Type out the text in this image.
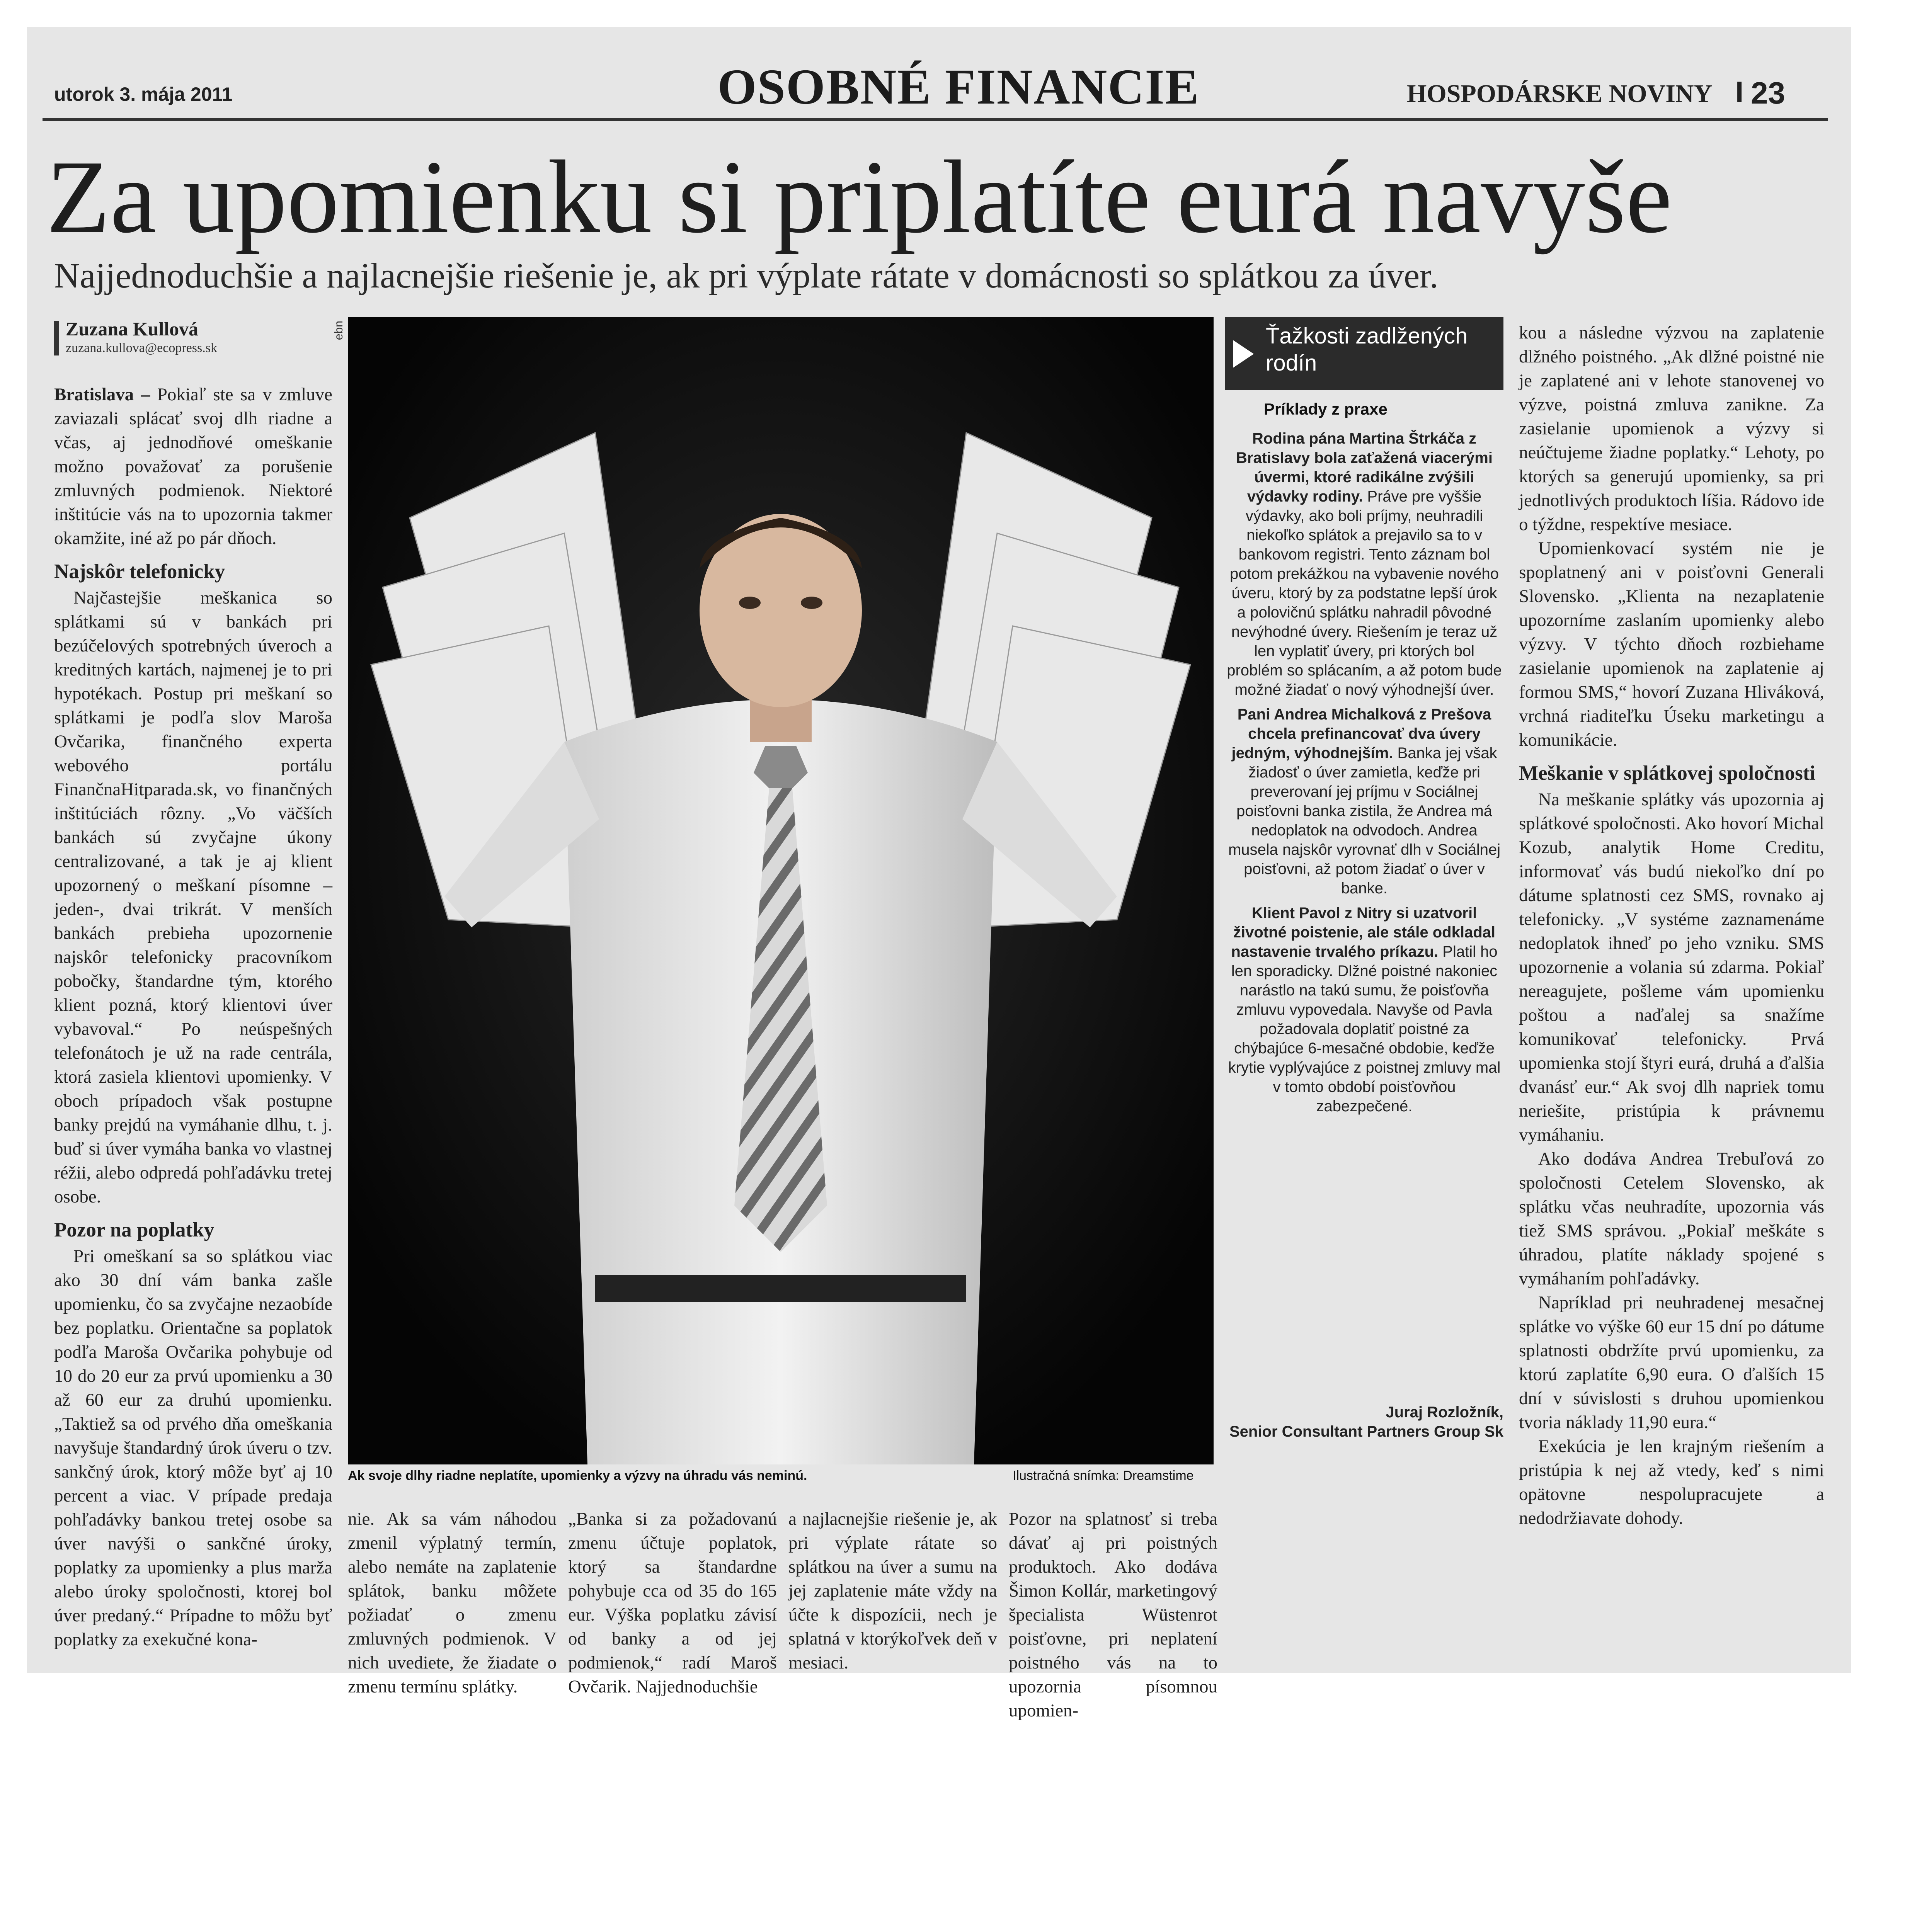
utorok 3. mája 2011	OSOBNÉ FINANCIE	HOSPODÁRSKE NOVINY I 23
Za upomienku si priplatíte eurá navyše
Najjednoduchšie a najlacnejšie riešenie je, ak pri výplate rátate v domácnosti so splátkou za úver.
Zuzana Kullová
zuzana.kullova@ecopress.sk
ebn

Bratislava – Pokiaľ ste sa v zmluve zaviazali splácať svoj dlh riadne a včas, aj jednodňové omeškanie možno považovať za porušenie zmluvných podmienok. Niektoré inštitúcie vás na to upozornia takmer okamžite, iné až po pár dňoch.

Najskôr telefonicky

Najčastejšie meškanica so splátkami sú v bankách pri bezúčelových spotrebných úveroch a kreditných kartách, najmenej je to pri hypotékach. Postup pri meškaní so splátkami je podľa slov Maroša Ovčarika, finančného experta webového portálu FinančnaHitparada.sk, vo finančných inštitúciách rôzny. „Vo väčších bankách sú zvyčajne úkony centralizované, a tak je aj klient upozornený o meškaní písomne – jeden-, dvai trikrát. V menších bankách prebieha upozornenie najskôr telefonicky pracovníkom pobočky, štandardne tým, ktorého klient pozná, ktorý klientovi úver vybavoval.“ Po neúspešných telefonátoch je už na rade centrála, ktorá zasiela klientovi upomienky. V oboch prípadoch však postupne banky prejdú na vymáhanie dlhu, t. j. buď si úver vymáha banka vo vlastnej réžii, alebo odpredá pohľadávku tretej osobe.

Pozor na poplatky

Pri omeškaní sa so splátkou viac ako 30 dní vám banka zašle upomienku, čo sa zvyčajne nezaobíde bez poplatku. Orientačne sa poplatok podľa Maroša Ovčarika pohybuje od 10 do 20 eur za prvú upomienku a 30 až 60 eur za druhú upomienku. „Taktiež sa od prvého dňa omeškania navyšuje štandardný úrok úveru o tzv. sankčný úrok, ktorý môže byť aj 10 percent a viac. V prípade predaja pohľadávky bankou tretej osobe sa úver navýši o sankčné úroky, poplatky za upomienky a plus marža alebo úroky spoločnosti, ktorej bol úver predaný.“ Prípadne to môžu byť poplatky za exekučné kona-

Ak svoje dlhy riadne neplatíte, upomienky a výzvy na úhradu vás neminú.	Ilustračná snímka: Dreamstime

nie. Ak sa vám náhodou zmenil výplatný termín, alebo nemáte na zaplatenie splátok, banku môžete požiadať o zmenu zmluvných podmienok. V nich uvediete, že žiadate o zmenu termínu splátky.

„Banka si za požadovanú zmenu účtuje poplatok, ktorý sa štandardne pohybuje cca od 35 do 165 eur. Výška poplatku závisí od banky a od jej podmienok,“ radí Maroš Ovčarik. Najjednoduchšie

a najlacnejšie riešenie je, ak pri výplate rátate so splátkou na úver a sumu na jej zaplatenie máte vždy na účte k dispozícii, nech je splatná v ktorýkoľvek deň v mesiaci.

Pozor na splatnosť si treba dávať aj pri poistných produktoch. Ako dodáva Šimon Kollár, marketingový špecialista Wüstenrot poisťovne, pri neplatení poistného vás na to upozornia písomnou upomien-

Ťažkosti zadlžených rodín
Príklady z praxe

Rodina pána Martina Štrkáča z Bratislavy bola zaťažená viacerými úvermi, ktoré radikálne zvýšili výdavky rodiny. Práve pre vyššie výdavky, ako boli príjmy, neuhradili niekoľko splátok a prejavilo sa to v bankovom registri. Tento záznam bol potom prekážkou na vybavenie nového úveru, ktorý by za podstatne lepší úrok a polovičnú splátku nahradil pôvodné nevýhodné úvery. Riešením je teraz už len vyplatiť úvery, pri ktorých bol problém so splácaním, a až potom bude možné žiadať o nový výhodnejší úver.

Pani Andrea Michalková z Prešova chcela prefinancovať dva úvery jedným, výhodnejším. Banka jej však žiadosť o úver zamietla, keďže pri preverovaní jej príjmu v Sociálnej poisťovni banka zistila, že Andrea má nedoplatok na odvodoch. Andrea musela najskôr vyrovnať dlh v Sociálnej poisťovni, až potom žiadať o úver v banke.

Klient Pavol z Nitry si uzatvoril životné poistenie, ale stále odkladal nastavenie trvalého príkazu. Platil ho len sporadicky. Dlžné poistné nakoniec narástlo na takú sumu, že poisťovňa zmluvu vypovedala. Navyše od Pavla požadovala doplatiť poistné za chýbajúce 6-mesačné obdobie, keďže krytie vyplývajúce z poistnej zmluvy mal v tomto období poisťovňou zabezpečené.

Juraj Rozložník,
Senior Consultant Partners Group Sk

kou a následne výzvou na zaplatenie dlžného poistného. „Ak dlžné poistné nie je zaplatené ani v lehote stanovenej vo výzve, poistná zmluva zanikne. Za zasielanie upomienok a výzvy si neúčtujeme žiadne poplatky.“ Lehoty, po ktorých sa generujú upomienky, sa pri jednotlivých produktoch líšia. Rádovo ide o týždne, respektíve mesiace.

Upomienkovací systém nie je spoplatnený ani v poisťovni Generali Slovensko. „Klienta na nezaplatenie upozorníme zaslaním upomienky alebo výzvy. V týchto dňoch rozbiehame zasielanie upomienok na zaplatenie aj formou SMS,“ hovorí Zuzana Hliváková, vrchná riaditeľku Úseku marketingu a komunikácie.

Meškanie v splátkovej spoločnosti

Na meškanie splátky vás upozornia aj splátkové spoločnosti. Ako hovorí Michal Kozub, analytik Home Creditu, informovať vás budú niekoľko dní po dátume splatnosti cez SMS, rovnako aj telefonicky. „V systéme zaznamenáme nedoplatok ihneď po jeho vzniku. SMS upozornenie a volania sú zdarma. Pokiaľ nereagujete, pošleme vám upomienku poštou a naďalej sa snažíme komunikovať telefonicky. Prvá upomienka stojí štyri eurá, druhá a ďalšia dvanásť eur.“ Ak svoj dlh napriek tomu neriešite, pristúpia k právnemu vymáhaniu.

Ako dodáva Andrea Trebuľová zo spoločnosti Cetelem Slovensko, ak splátku včas neuhradíte, upozornia vás tiež SMS správou. „Pokiaľ meškáte s úhradou, platíte náklady spojené s vymáhaním pohľadávky.

Napríklad pri neuhradenej mesačnej splátke vo výške 60 eur 15 dní po dátume splatnosti obdržíte prvú upomienku, za ktorú zaplatíte 6,90 eura. O ďalších 15 dní v súvislosti s druhou upomienkou tvoria náklady 11,90 eura.“

Exekúcia je len krajným riešením a pristúpia k nej až vtedy, keď s nimi opätovne nespolupracujete a nedodržiavate dohody.
